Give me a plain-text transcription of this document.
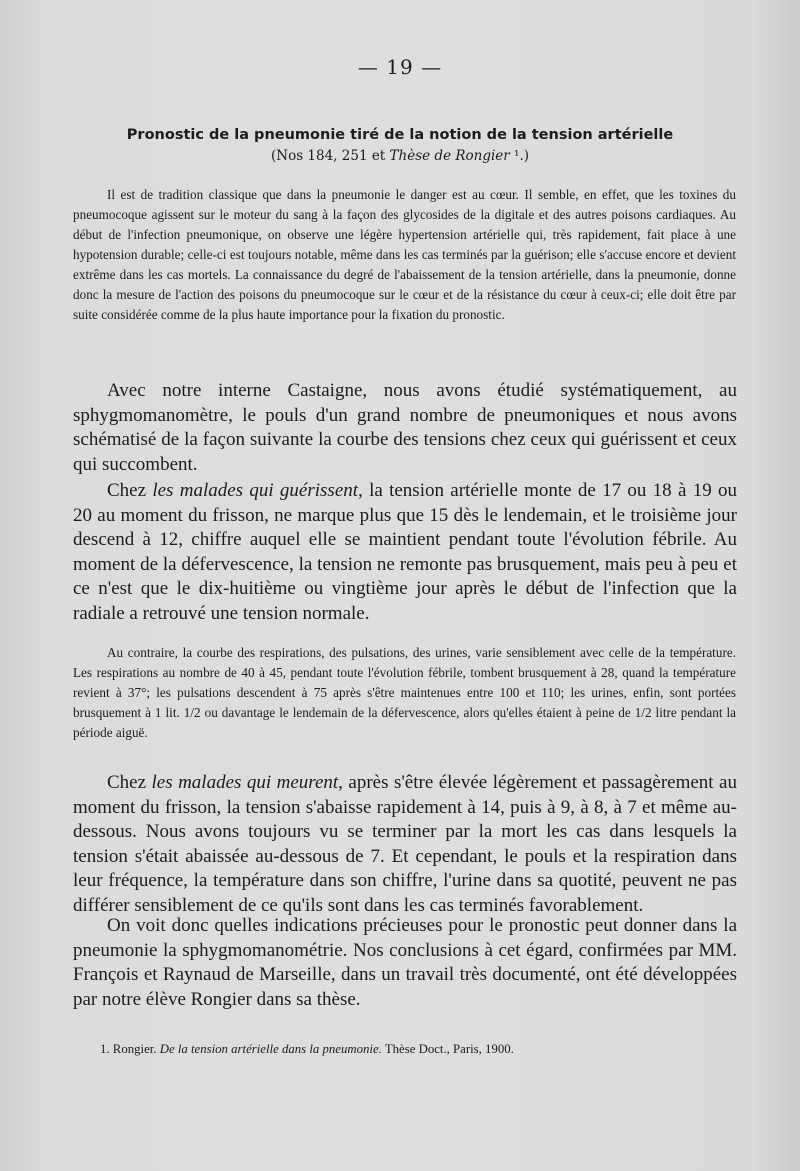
— 19 —
Pronostic de la pneumonie tiré de la notion de la tension artérielle
(Nos 184, 251 et Thèse de Rongier ¹.)
Il est de tradition classique que dans la pneumonie le danger est au cœur. Il semble, en effet, que les toxines du pneumocoque agissent sur le moteur du sang à la façon des glycosides de la digitale et des autres poisons cardiaques. Au début de l'infection pneumonique, on observe une légère hypertension artérielle qui, très rapidement, fait place à une hypotension durable; celle-ci est toujours notable, même dans les cas terminés par la guérison; elle s'accuse encore et devient extrême dans les cas mortels. La connaissance du degré de l'abaissement de la tension artérielle, dans la pneumonie, donne donc la mesure de l'action des poisons du pneumocoque sur le cœur et de la résistance du cœur à ceux-ci; elle doit être par suite considérée comme de la plus haute importance pour la fixation du pronostic.
Avec notre interne Castaigne, nous avons étudié systématiquement, au sphygmomanomètre, le pouls d'un grand nombre de pneumoniques et nous avons schématisé de la façon suivante la courbe des tensions chez ceux qui guérissent et ceux qui succombent.
Chez les malades qui guérissent, la tension artérielle monte de 17 ou 18 à 19 ou 20 au moment du frisson, ne marque plus que 15 dès le lendemain, et le troisième jour descend à 12, chiffre auquel elle se maintient pendant toute l'évolution fébrile. Au moment de la défervescence, la tension ne remonte pas brusquement, mais peu à peu et ce n'est que le dix-huitième ou vingtième jour après le début de l'infection que la radiale a retrouvé une tension normale.
Au contraire, la courbe des respirations, des pulsations, des urines, varie sensiblement avec celle de la température. Les respirations au nombre de 40 à 45, pendant toute l'évolution fébrile, tombent brusquement à 28, quand la température revient à 37°; les pulsations descendent à 75 après s'être maintenues entre 100 et 110; les urines, enfin, sont portées brusquement à 1 lit. 1/2 ou davantage le lendemain de la défervescence, alors qu'elles étaient à peine de 1/2 litre pendant la période aiguë.
Chez les malades qui meurent, après s'être élevée légèrement et passagèrement au moment du frisson, la tension s'abaisse rapidement à 14, puis à 9, à 8, à 7 et même au-dessous. Nous avons toujours vu se terminer par la mort les cas dans lesquels la tension s'était abaissée au-dessous de 7. Et cependant, le pouls et la respiration dans leur fréquence, la température dans son chiffre, l'urine dans sa quotité, peuvent ne pas différer sensiblement de ce qu'ils sont dans les cas terminés favorablement.
On voit donc quelles indications précieuses pour le pronostic peut donner dans la pneumonie la sphygmomanométrie. Nos conclusions à cet égard, confirmées par MM. François et Raynaud de Marseille, dans un travail très documenté, ont été développées par notre élève Rongier dans sa thèse.
1. Rongier. De la tension artérielle dans la pneumonie. Thèse Doct., Paris, 1900.
